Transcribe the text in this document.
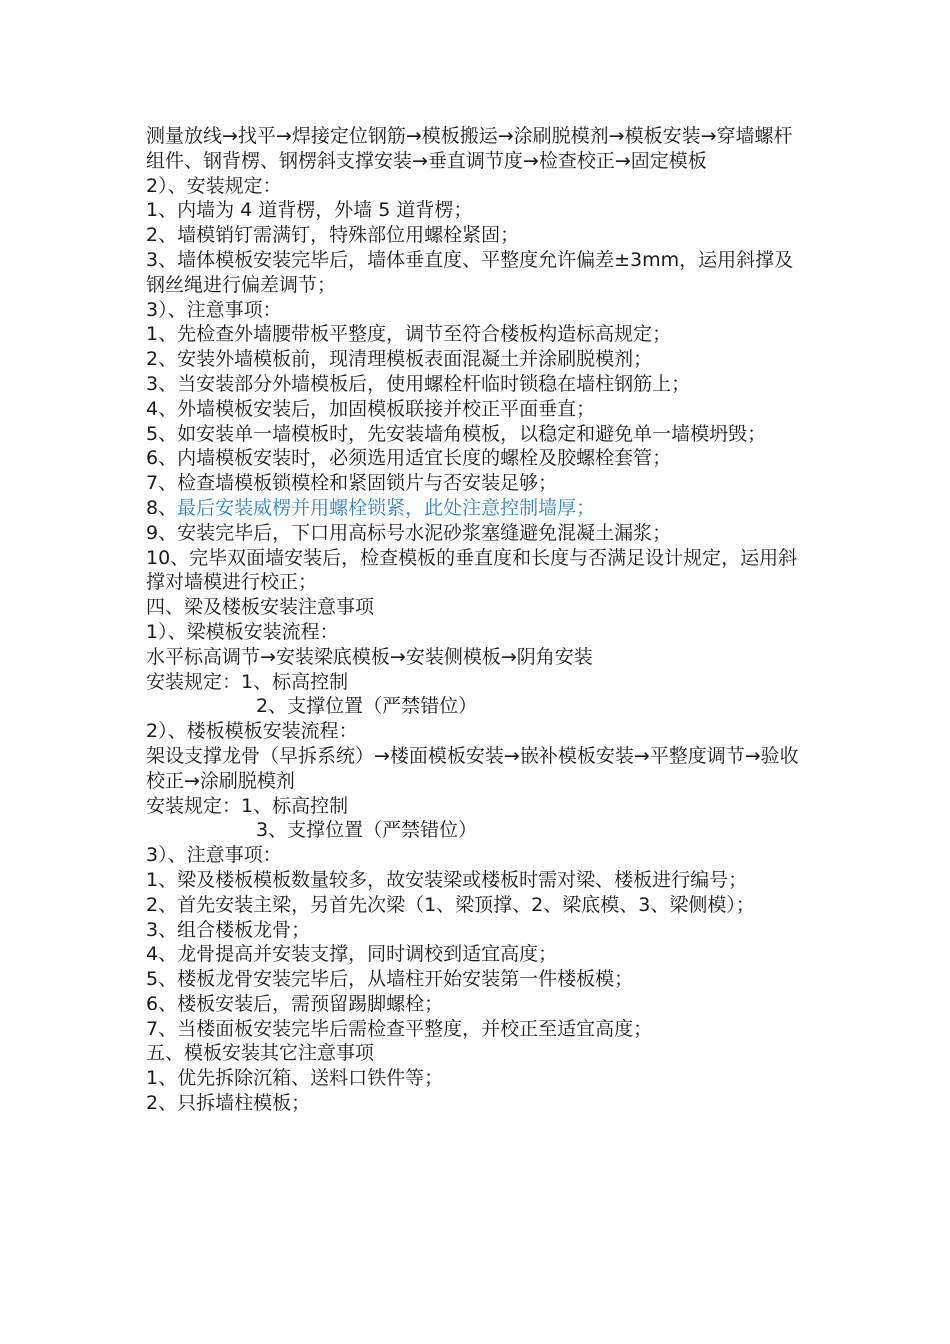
测量放线→找平→焊接定位钢筋→模板搬运→涂刷脱模剂→模板安装→穿墙螺杆组件、钢背楞、钢楞斜支撑安装→垂直调节度→检查校正→固定模板
2）、安装规定：
1、内墙为 4 道背楞，外墙 5 道背楞；
2、墙模销钉需满钉，特殊部位用螺栓紧固；
3、墙体模板安装完毕后，墙体垂直度、平整度允许偏差±3mm，运用斜撑及钢丝绳进行偏差调节；
3）、注意事项：
1、先检查外墙腰带板平整度，调节至符合楼板构造标高规定；
2、安装外墙模板前，现清理模板表面混凝土并涂刷脱模剂；
3、当安装部分外墙模板后，使用螺栓杆临时锁稳在墙柱钢筋上；
4、外墙模板安装后，加固模板联接并校正平面垂直；
5、如安装单一墙模板时，先安装墙角模板，以稳定和避免单一墙模坍毁；
6、内墙模板安装时，必须选用适宜长度的螺栓及胶螺栓套管；
7、检查墙模板锁模栓和紧固锁片与否安装足够；
8、最后安装威楞并用螺栓锁紧，此处注意控制墙厚；
9、安装完毕后，下口用高标号水泥砂浆塞缝避免混凝土漏浆；
10、完毕双面墙安装后，检查模板的垂直度和长度与否满足设计规定，运用斜撑对墙模进行校正；
四、梁及楼板安装注意事项
1）、梁模板安装流程：
水平标高调节→安装梁底模板→安装侧模板→阴角安装
安装规定：1、标高控制
2、支撑位置（严禁错位）
2）、楼板模板安装流程：
架设支撑龙骨（早拆系统）→楼面模板安装→嵌补模板安装→平整度调节→验收校正→涂刷脱模剂
安装规定：1、标高控制
3、支撑位置（严禁错位）
3）、注意事项：
1、梁及楼板模板数量较多，故安装梁或楼板时需对梁、楼板进行编号；
2、首先安装主梁，另首先次梁（1、梁顶撑、2、梁底模、3、梁侧模）；
3、组合楼板龙骨；
4、龙骨提高并安装支撑，同时调校到适宜高度；
5、楼板龙骨安装完毕后，从墙柱开始安装第一件楼板模；
6、楼板安装后，需预留踢脚螺栓；
7、当楼面板安装完毕后需检查平整度，并校正至适宜高度；
五、模板安装其它注意事项
1、优先拆除沉箱、送料口铁件等；
2、只拆墙柱模板；
